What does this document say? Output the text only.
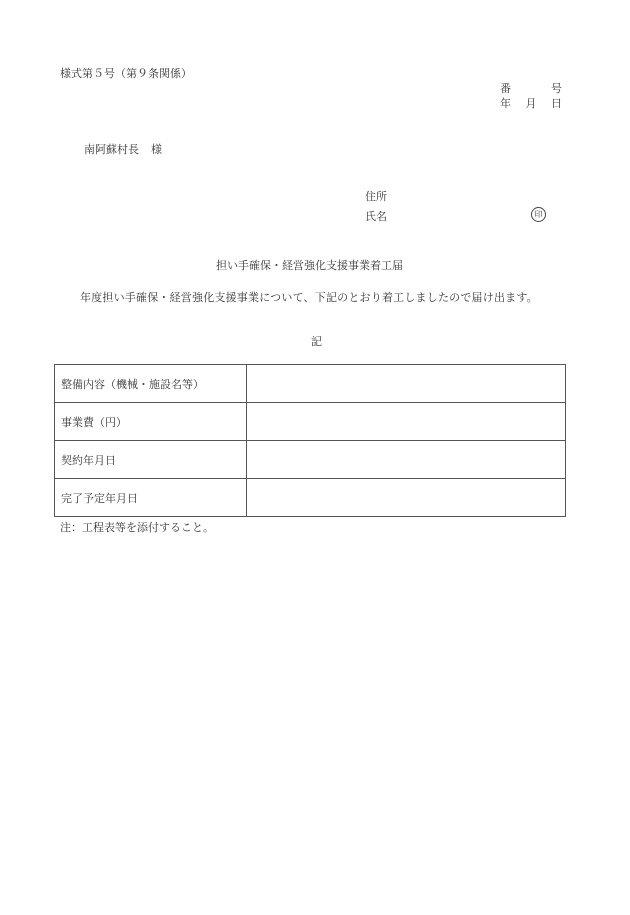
様式第５号（第９条関係）
番	号
年 月 日
南阿蘇村長 様
住所
氏名	印
担い手確保・経営強化支援事業着工届
年度担い手確保・経営強化支援事業について、下記のとおり着工しましたので届け出ます。
記
整備内容（機械・施設名等）	
事業費（円）	
契約年月日	
完了予定年月日	
注：工程表等を添付すること。
